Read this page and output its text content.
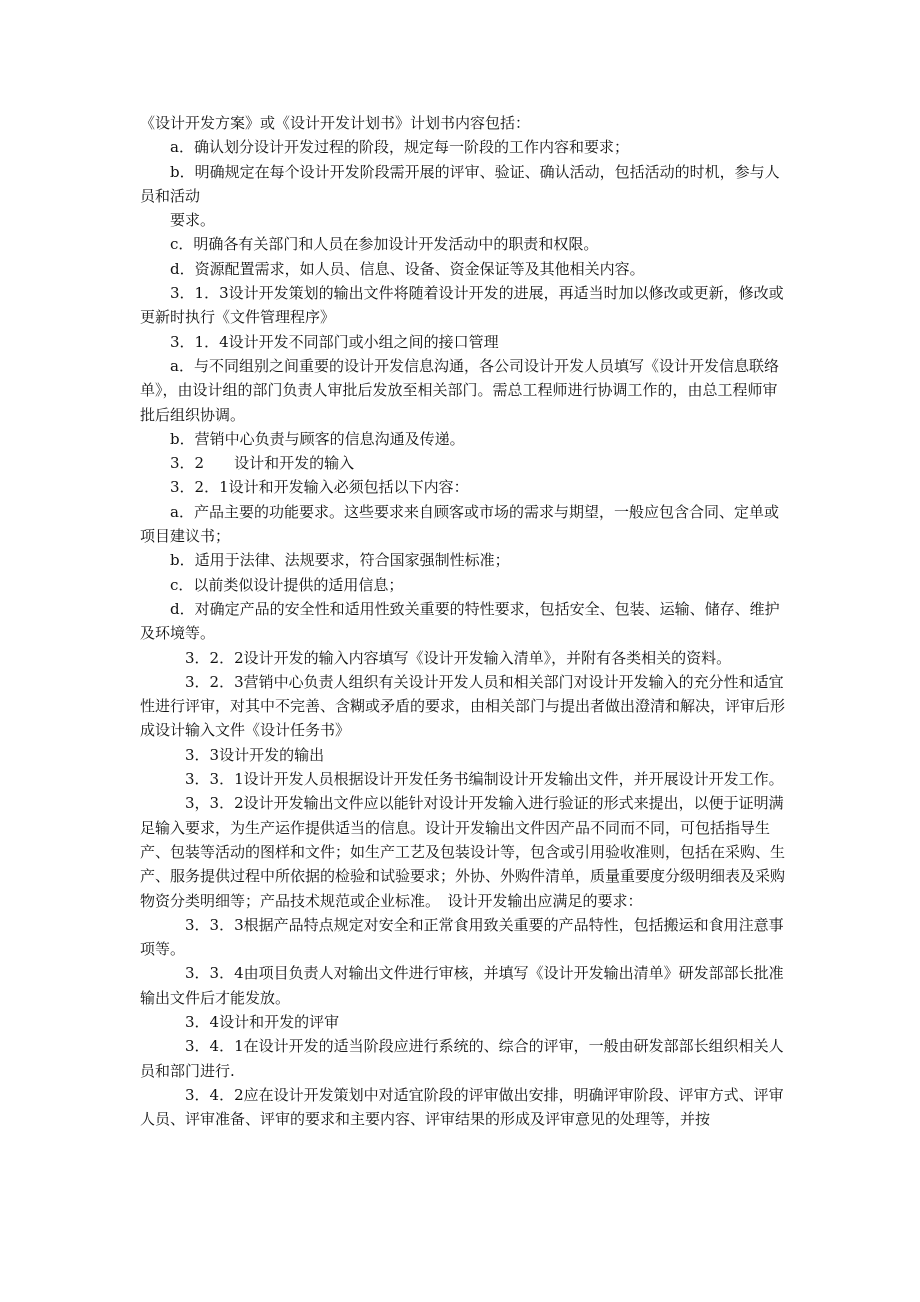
《设计开发方案》或《设计开发计划书》计划书内容包括：

a．确认划分设计开发过程的阶段，规定每一阶段的工作内容和要求；

b．明确规定在每个设计开发阶段需开展的评审、验证、确认活动，包括活动的时机，参与人员和活动

要求。

c．明确各有关部门和人员在参加设计开发活动中的职责和权限。

d．资源配置需求，如人员、信息、设备、资金保证等及其他相关内容。

3．1．3设计开发策划的输出文件将随着设计开发的进展，再适当时加以修改或更新，修改或更新时执行《文件管理程序》

3．1．4设计开发不同部门或小组之间的接口管理

a．与不同组别之间重要的设计开发信息沟通，各公司设计开发人员填写《设计开发信息联络单》，由设计组的部门负责人审批后发放至相关部门。需总工程师进行协调工作的，由总工程师审批后组织协调。

b．营销中心负责与顾客的信息沟通及传递。

3．2　　设计和开发的输入

3．2．1设计和开发输入必须包括以下内容：

a．产品主要的功能要求。这些要求来自顾客或市场的需求与期望，一般应包含合同、定单或项目建议书；

b．适用于法律、法规要求，符合国家强制性标准；

c．以前类似设计提供的适用信息；

d．对确定产品的安全性和适用性致关重要的特性要求，包括安全、包装、运输、储存、维护及环境等。

3．2．2设计开发的输入内容填写《设计开发输入清单》，并附有各类相关的资料。

3．2．3营销中心负责人组织有关设计开发人员和相关部门对设计开发输入的充分性和适宜性进行评审，对其中不完善、含糊或矛盾的要求，由相关部门与提出者做出澄清和解决，评审后形成设计输入文件《设计任务书》

3．3设计开发的输出

3．3．1设计开发人员根据设计开发任务书编制设计开发输出文件，并开展设计开发工作。

3，3．2设计开发输出文件应以能针对设计开发输入进行验证的形式来提出，以便于证明满足输入要求，为生产运作提供适当的信息。设计开发输出文件因产品不同而不同，可包括指导生产、包装等活动的图样和文件；如生产工艺及包装设计等，包含或引用验收准则，包括在采购、生产、服务提供过程中所依据的检验和试验要求；外协、外购件清单，质量重要度分级明细表及采购物资分类明细等；产品技术规范或企业标准。　设计开发输出应满足的要求：

3．3．3根据产品特点规定对安全和正常食用致关重要的产品特性，包括搬运和食用注意事项等。

3．3．4由项目负责人对输出文件进行审核，并填写《设计开发输出清单》研发部部长批准输出文件后才能发放。

3．4设计和开发的评审

3．4．1在设计开发的适当阶段应进行系统的、综合的评审，一般由研发部部长组织相关人员和部门进行.

3．4．2应在设计开发策划中对适宜阶段的评审做出安排，明确评审阶段、评审方式、评审人员、评审准备、评审的要求和主要内容、评审结果的形成及评审意见的处理等，并按
